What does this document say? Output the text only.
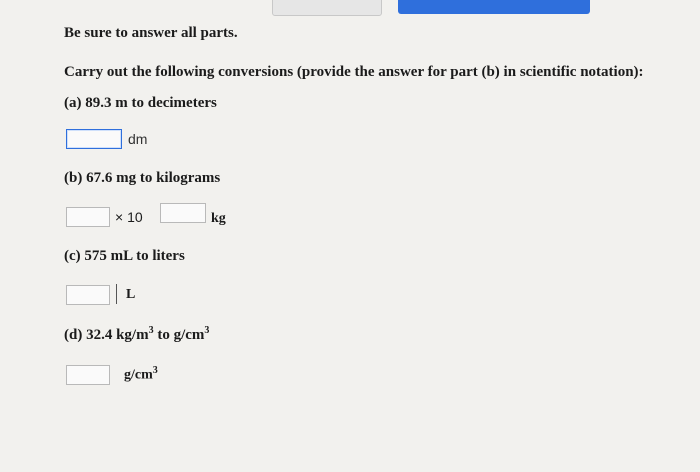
Be sure to answer all parts.
Carry out the following conversions (provide the answer for part (b) in scientific notation):
(a) 89.3 m to decimeters
dm
(b) 67.6 mg to kilograms
× 10	kg
(c) 575 mL to liters
L
(d) 32.4 $kg/m^3$ to $g/cm^3$
$g/cm^3$
